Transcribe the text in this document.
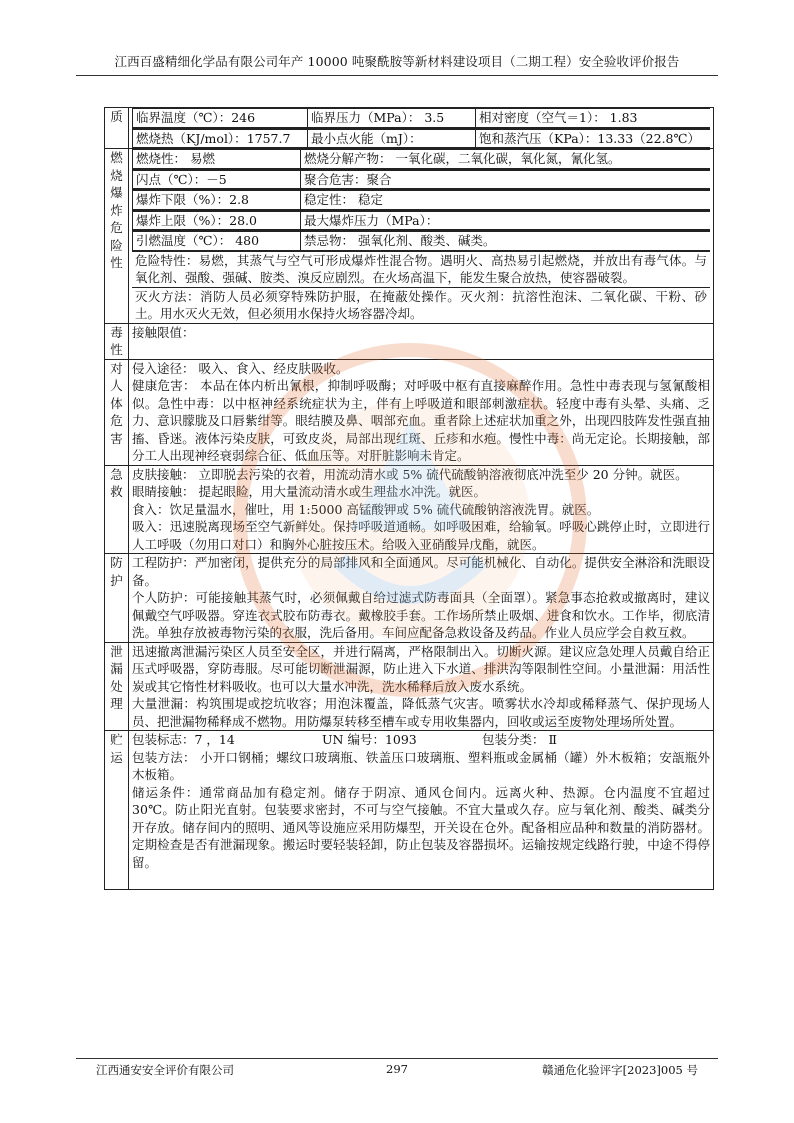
江西百盛精细化学品有限公司年产 10000 吨聚酰胺等新材料建设项目（二期工程）安全验收评价报告
质
	临界温度（℃）：246	临界压力（MPa）： 3.5	相对密度（空气＝1）： 1.83
燃烧热（KJ/mol）：1757.7	最小点火能（mJ）：	饱和蒸汽压（KPa）：13.33（22.8℃）

燃烧爆炸危险性

燃烧性： 易燃	燃烧分解产物： 一氧化碳，二氧化碳，氧化氮，氰化氢。
闪点（℃）：－5	聚合危害：聚合
爆炸下限（%）：2.8	稳定性： 稳定
爆炸上限（%）：28.0	最大爆炸压力（MPa）：
引燃温度（℃）： 480	禁忌物： 强氧化剂、酸类、碱类。
危险特性：易燃，其蒸气与空气可形成爆炸性混合物。遇明火、高热易引起燃烧，并放出有毒气体。与氧化剂、强酸、强碱、胺类、溴反应剧烈。在火场高温下，能发生聚合放热，使容器破裂。
灭火方法：消防人员必须穿特殊防护服，在掩蔽处操作。灭火剂：抗溶性泡沫、二氧化碳、干粉、砂土。用水灭火无效，但必须用水保持火场容器冷却。

毒性
	接触限值：

对人体危害

侵入途径： 吸入、食入、经皮肤吸收。
健康危害： 本品在体内析出氰根，抑制呼吸酶；对呼吸中枢有直接麻醉作用。急性中毒表现与氢氰酸相似。急性中毒：以中枢神经系统症状为主，伴有上呼吸道和眼部刺激症状。轻度中毒有头晕、头痛、乏力、意识朦胧及口唇紫绀等。眼结膜及鼻、咽部充血。重者除上述症状加重之外，出现四肢阵发性强直抽搐、昏迷。液体污染皮肤，可致皮炎，局部出现红斑、丘疹和水疱。慢性中毒：尚无定论。长期接触，部分工人出现神经衰弱综合征、低血压等。对肝脏影响未肯定。

急救

皮肤接触： 立即脱去污染的衣着，用流动清水或 5% 硫代硫酸钠溶液彻底冲洗至少 20 分钟。就医。
眼睛接触： 提起眼睑，用大量流动清水或生理盐水冲洗。就医。
食入：饮足量温水，催吐，用 1:5000 高锰酸钾或 5% 硫代硫酸钠溶液洗胃。就医。
吸入：迅速脱离现场至空气新鲜处。保持呼吸道通畅。如呼吸困难，给输氧。呼吸心跳停止时，立即进行人工呼吸（勿用口对口）和胸外心脏按压术。给吸入亚硝酸异戊酯，就医。

防护

工程防护：严加密闭，提供充分的局部排风和全面通风。尽可能机械化、自动化。提供安全淋浴和洗眼设备。
个人防护：可能接触其蒸气时，必须佩戴自给过滤式防毒面具（全面罩）。紧急事态抢救或撤离时，建议佩戴空气呼吸器。穿连衣式胶布防毒衣。戴橡胶手套。工作场所禁止吸烟、进食和饮水。工作毕，彻底清洗。单独存放被毒物污染的衣服，洗后备用。车间应配备急救设备及药品。作业人员应学会自救互救。

泄漏处理

迅速撤离泄漏污染区人员至安全区，并进行隔离，严格限制出入。切断火源。建议应急处理人员戴自给正压式呼吸器，穿防毒服。尽可能切断泄漏源，防止进入下水道、排洪沟等限制性空间。小量泄漏：用活性炭或其它惰性材料吸收。也可以大量水冲洗，洗水稀释后放入废水系统。
大量泄漏：构筑围堤或挖坑收容；用泡沫覆盖，降低蒸气灾害。喷雾状水冷却或稀释蒸气、保护现场人员、把泄漏物稀释成不燃物。用防爆泵转移至槽车或专用收集器内，回收或运至废物处理场所处置。

贮运

包装标志：7 ，14	UN 编号：1093	包装分类： Ⅱ
包装方法： 小开口钢桶；螺纹口玻璃瓶、铁盖压口玻璃瓶、塑料瓶或金属桶（罐）外木板箱；安瓿瓶外木板箱。
储运条件：通常商品加有稳定剂。储存于阴凉、通风仓间内。远离火种、热源。仓内温度不宜超过 30℃。防止阳光直射。包装要求密封，不可与空气接触。不宜大量或久存。应与氧化剂、酸类、碱类分开存放。储存间内的照明、通风等设施应采用防爆型，开关设在仓外。配备相应品种和数量的消防器材。定期检查是否有泄漏现象。搬运时要轻装轻卸，防止包装及容器损坏。运输按规定线路行驶，中途不得停留。
江西通安安全评价有限公司	297	赣通危化验评字[2023]005 号
